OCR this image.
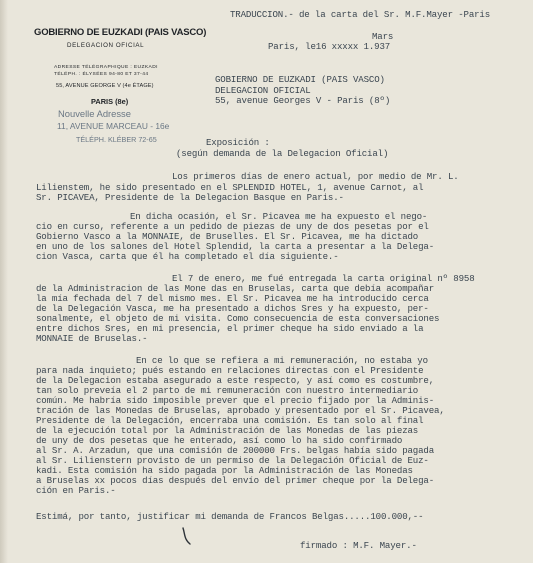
GOBIERNO DE EUZKADI (PAIS VASCO)
DELEGACION OFICIAL
ADRESSE TÉLÉGRAPHIQUE : EUZKADI
TÉLÉPH. : ÉLYSÉES 94-80 ET 37-44
55, AVENUE GEORGE V (4e ÉTAGE)
PARIS (8e)
Nouvelle Adresse
11, AVENUE MARCEAU - 16e
TÉLÉPH. KLÉBER 72-65
TRADUCCION.- de la carta del Sr. M.F.Mayer -Paris
Mars
Paris, le16 xxxxx 1.937
GOBIERNO DE EUZKADI (PAIS VASCO)
DELEGACION OFICIAL
55, avenue Georges V - Paris (8º)
Exposición :
(según demanda de la Delegacion Oficial)
Los primeros días de enero actual, por medio de Mr. L.
Lilienstem, he sido presentado en el SPLENDID HOTEL, 1, avenue Carnot, al
Sr. PICAVEA, Presidente de la Delegacion Basque en Paris.-
En dicha ocasión, el Sr. Picavea me ha expuesto el nego-
cio en curso, referente a un pedido de piezas de uny de dos pesetas por el
Gobierno Vasco a la MONNAIE, de Bruselles. El Sr. Picavea, me ha dictado
en uno de los salones del Hotel Splendid, la carta a presentar a la Delega-
cion Vasca, carta que él ha completado el día siguiente.-
El 7 de enero, me fué entregada la carta original nº 8958
de la Administracion de las Mone das en Bruselas, carta que debía acompañar
la mía fechada del 7 del mismo mes. El Sr. Picavea me ha introducido cerca
de la Delegación Vasca, me ha presentado a dichos Sres y ha expuesto, per-
sonalmente, el objeto de mi visita. Como consecuencia de esta conversaciones
entre dichos Sres, en mi presencia, el primer cheque ha sido enviado a la
MONNAIE de Bruselas.-
En ce lo que se refiera a mi remuneración, no estaba yo
para nada inquieto; pués estando en relaciones directas con el Presidente
de la Delegacion estaba asegurado a este respecto, y así como es costumbre,
tan solo preveía el 2 parto de mi remuneración con nuestro intermediario
común. Me habría sido imposible prever que el precio fijado por la Adminis-
tración de las Monedas de Bruselas, aprobado y presentado por el Sr. Picavea,
Presidente de la Delegación, encerraba una comisión. Es tan solo al final
de la ejecución total por la Administración de las Monedas de las piezas
de uny de dos pesetas que he enterado, así como lo ha sido confirmado
al Sr. A. Arzadun, que una comisión de 200000 Frs. belgas había sido pagada
al Sr. Lilienstern provisto de un permiso de la Delegación Oficial de Euz-
kadi. Esta comisión ha sido pagada por la Administración de las Monedas
a Bruselas xx pocos días después del envío del primer cheque por la Delega-
ción en Paris.-
Estimá, por tanto, justificar mi demanda de Francos Belgas.....100.000,--
firmado : M.F. Mayer.-
